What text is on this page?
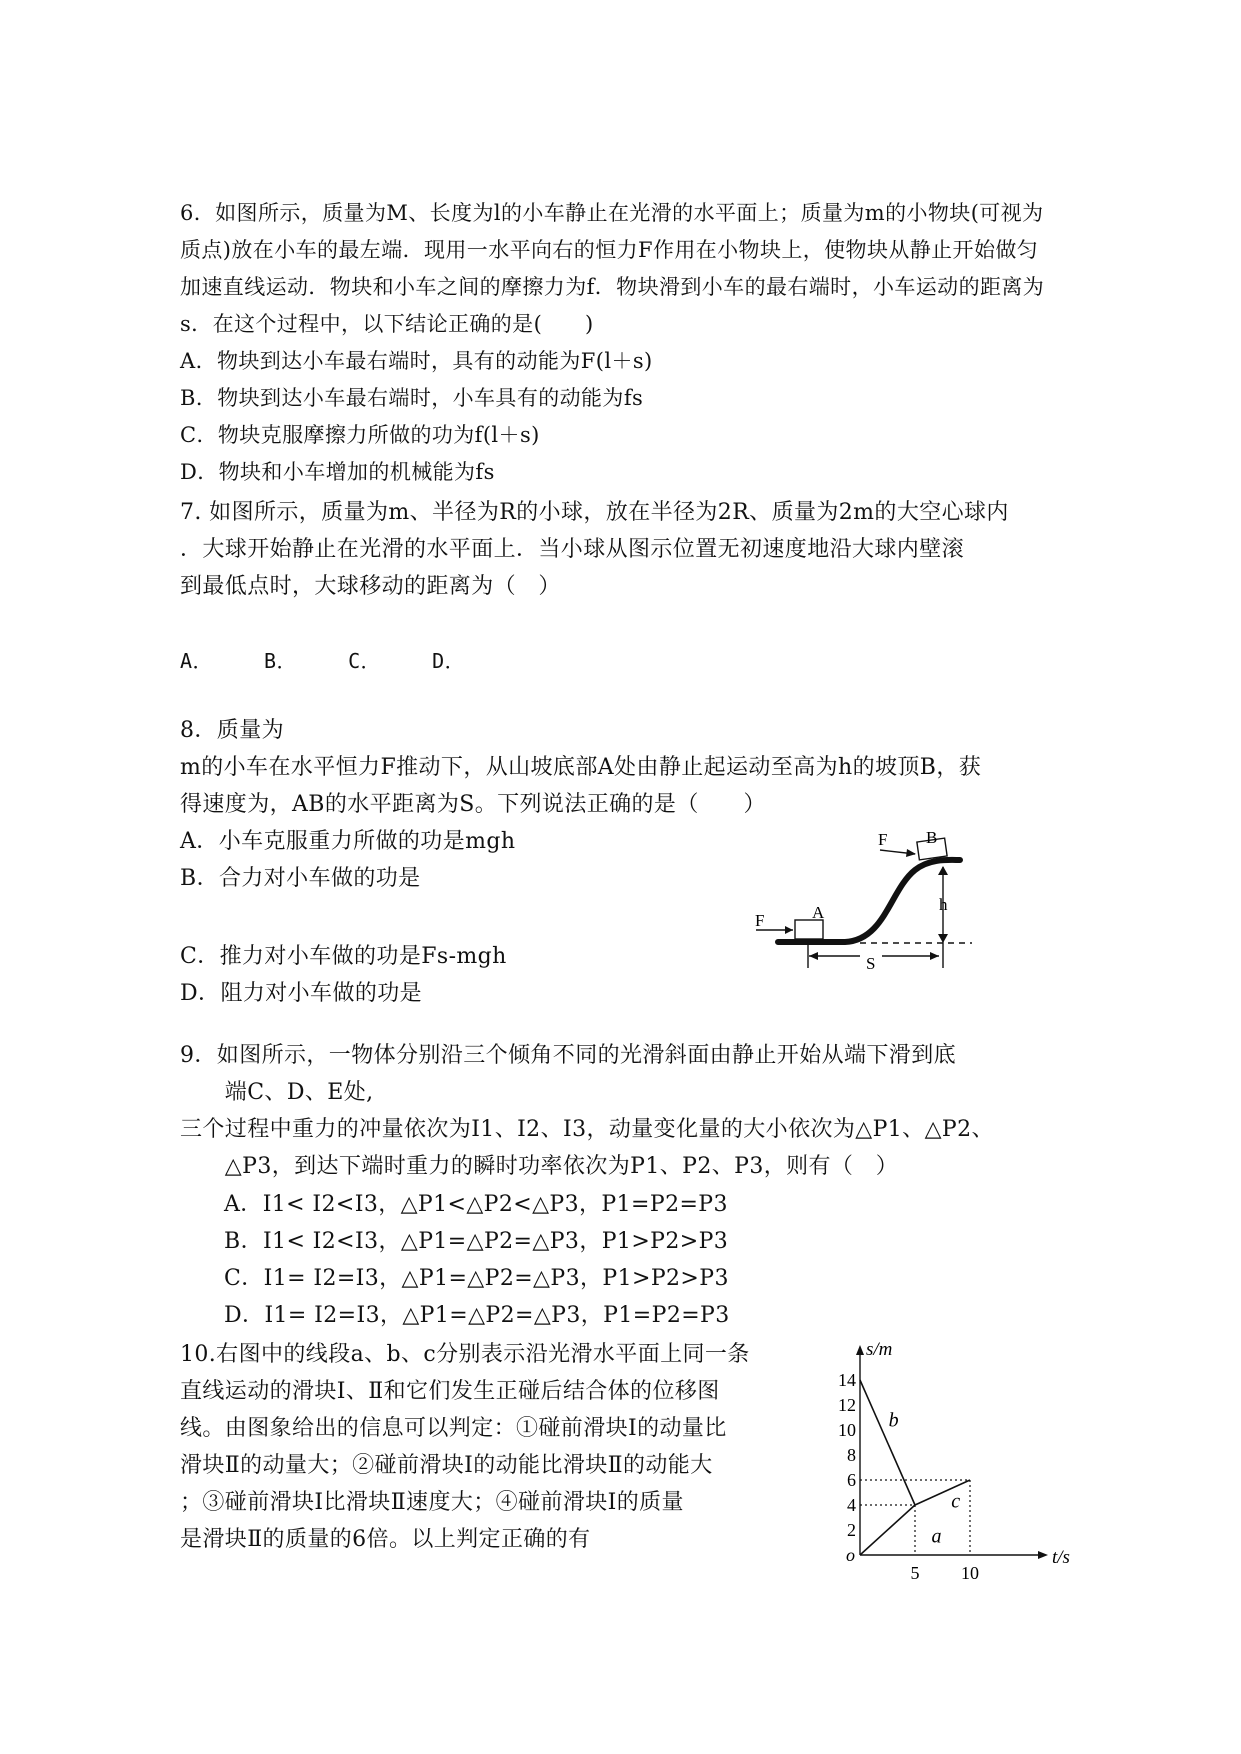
6．如图所示，质量为M、长度为l的小车静止在光滑的水平面上；质量为m的小物块(可视为
质点)放在小车的最左端．现用一水平向右的恒力F作用在小物块上，使物块从静止开始做匀
加速直线运动．物块和小车之间的摩擦力为f．物块滑到小车的最右端时，小车运动的距离为
s．在这个过程中，以下结论正确的是(　　)
A．物块到达小车最右端时，具有的动能为F(l＋s)
B．物块到达小车最右端时，小车具有的动能为fs
C．物块克服摩擦力所做的功为f(l＋s)
D．物块和小车增加的机械能为fs
7. 如图所示，质量为m、半径为R的小球，放在半径为2R、质量为2m的大空心球内
．大球开始静止在光滑的水平面上．当小球从图示位置无初速度地沿大球内壁滚
到最低点时，大球移动的距离为（　）
A．　　　B．　　　C．　　　D．
8．质量为
m的小车在水平恒力F推动下，从山坡底部A处由静止起运动至高为h的坡顶B，获
得速度为，AB的水平距离为S。下列说法正确的是（　　）
A．小车克服重力所做的功是mgh
B．合力对小车做的功是
C．推力对小车做的功是Fs-mgh
D．阻力对小车做的功是
F	A
F B
h
S
9．如图所示，一物体分别沿三个倾角不同的光滑斜面由静止开始从端下滑到底
　　端C、D、E处,
三个过程中重力的冲量依次为I1、I2、I3，动量变化量的大小依次为△P1、△P2、
　　△P3，到达下端时重力的瞬时功率依次为P1、P2、P3，则有（　）
A．I1< I2<I3，△P1<△P2<△P3，P1=P2=P3
B．I1< I2<I3，△P1=△P2=△P3，P1>P2>P3
C．I1= I2=I3，△P1=△P2=△P3，P1>P2>P3
D．I1= I2=I3，△P1=△P2=△P3，P1=P2=P3
10.右图中的线段a、b、c分别表示沿光滑水平面上同一条
直线运动的滑块Ⅰ、Ⅱ和它们发生正碰后结合体的位移图
线。由图象给出的信息可以判定：①碰前滑块Ⅰ的动量比
滑块Ⅱ的动量大；②碰前滑块Ⅰ的动能比滑块Ⅱ的动能大
；③碰前滑块Ⅰ比滑块Ⅱ速度大；④碰前滑块Ⅰ的质量
是滑块Ⅱ的质量的6倍。以上判定正确的有
s/m
t/s
o
2
4
6
8
10
12
14
5 10
a
b
c
